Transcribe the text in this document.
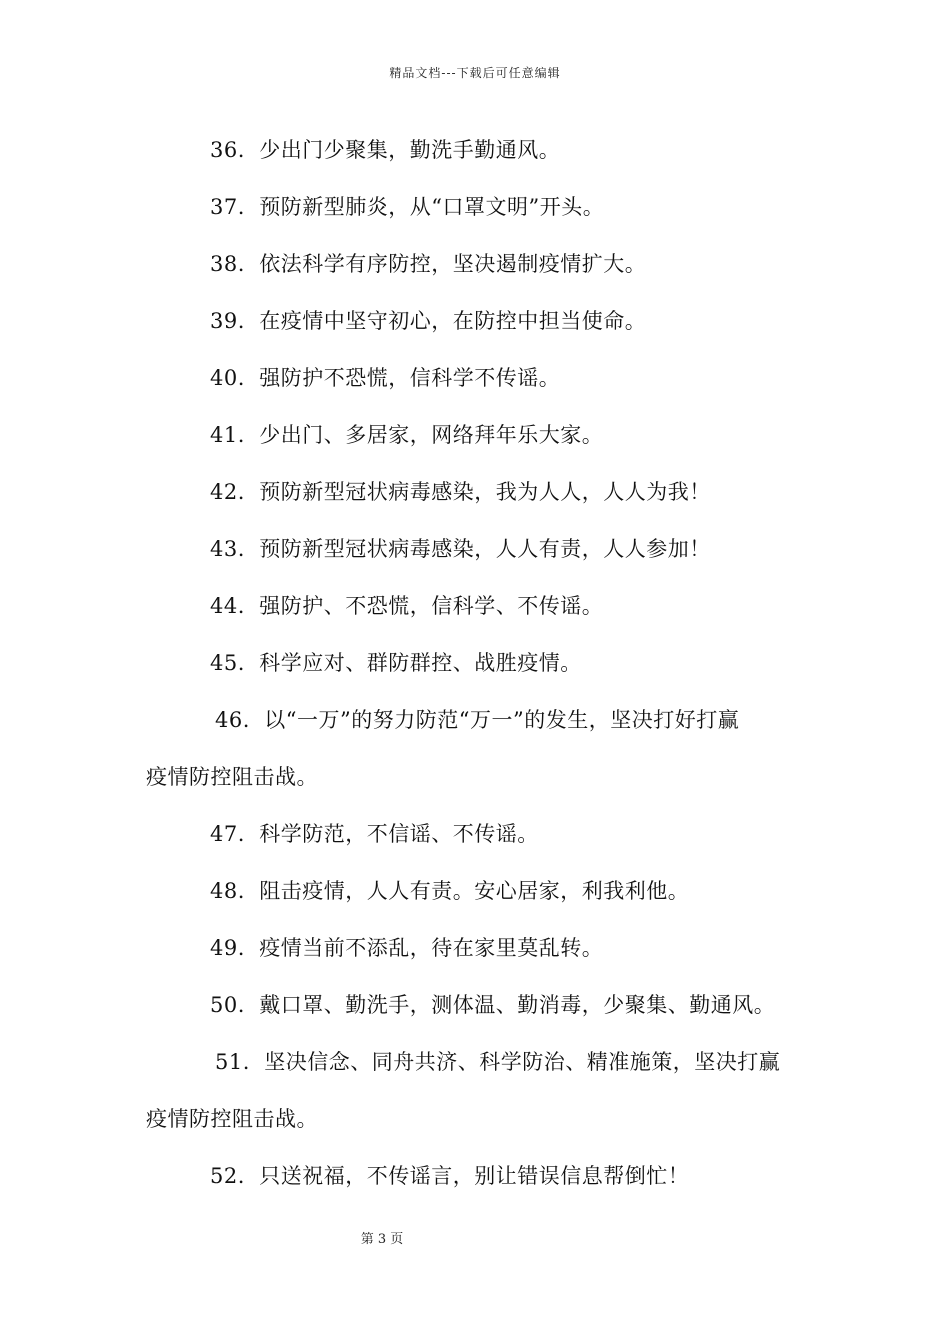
精品文档---下载后可任意编辑
36. 少出门少聚集，勤洗手勤通风。
37. 预防新型肺炎，从“口罩文明”开头。
38. 依法科学有序防控，坚决遏制疫情扩大。
39. 在疫情中坚守初心，在防控中担当使命。
40. 强防护不恐慌，信科学不传谣。
41. 少出门、多居家，网络拜年乐大家。
42. 预防新型冠状病毒感染，我为人人，人人为我！
43. 预防新型冠状病毒感染，人人有责，人人参加！
44. 强防护、不恐慌，信科学、不传谣。
45. 科学应对、群防群控、战胜疫情。
46. 以“一万”的努力防范“万一”的发生，坚决打好打赢
疫情防控阻击战。
47. 科学防范，不信谣、不传谣。
48. 阻击疫情，人人有责。安心居家，利我利他。
49. 疫情当前不添乱，待在家里莫乱转。
50. 戴口罩、勤洗手，测体温、勤消毒，少聚集、勤通风。
51. 坚决信念、同舟共济、科学防治、精准施策，坚决打赢
疫情防控阻击战。
52. 只送祝福，不传谣言，别让错误信息帮倒忙！
第 3 页
